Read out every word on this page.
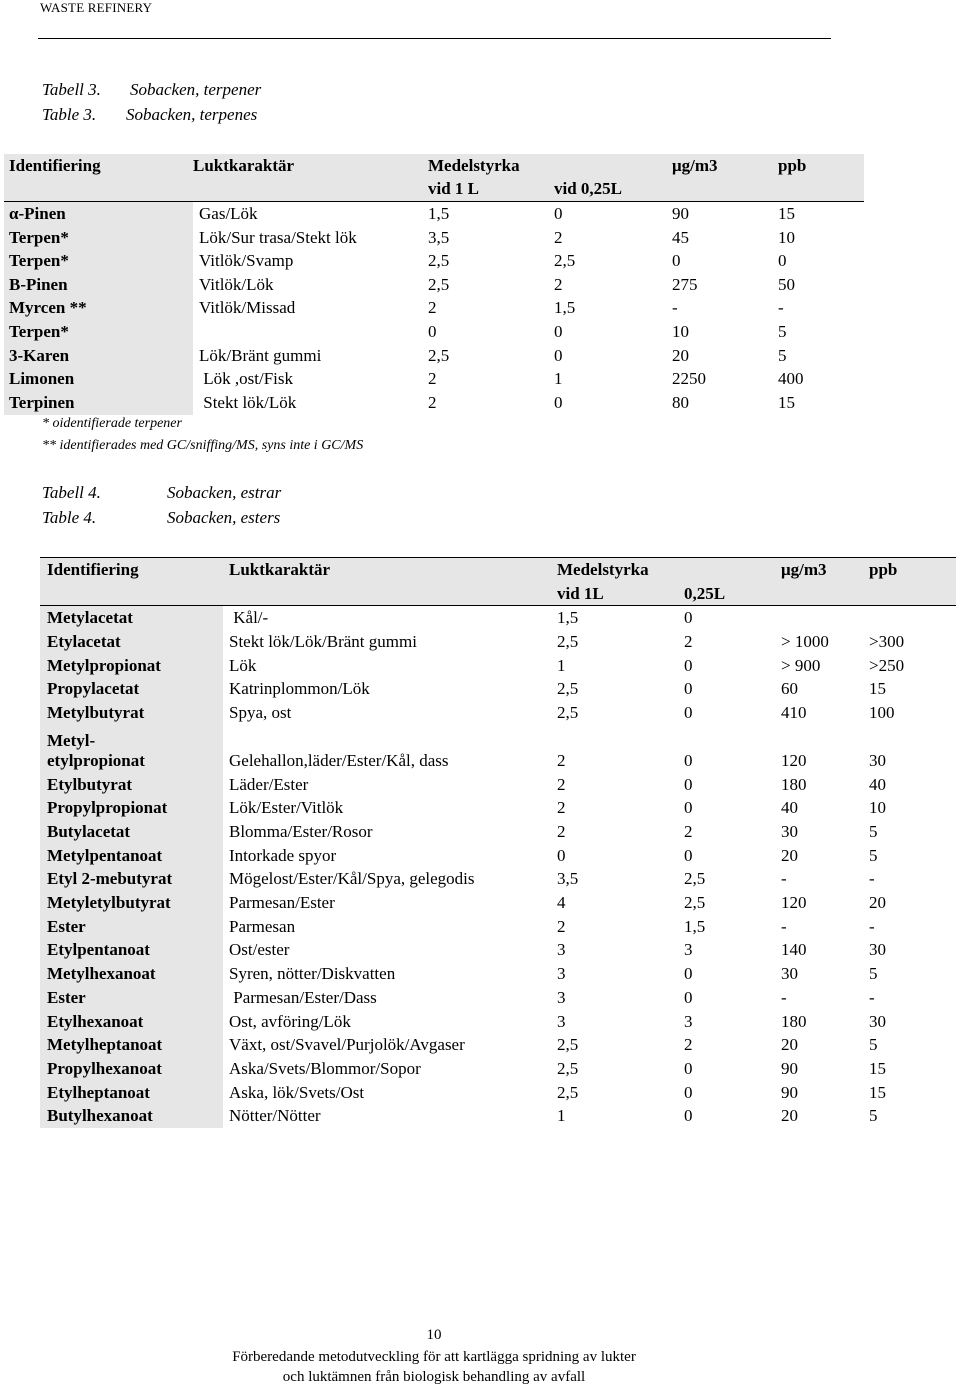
WASTE REFINERY
Tabell 3. Sobacken, terpener
Table 3. Sobacken, terpenes
Identifiering	Luktkaraktär	Medelstyrka		μg/m3	ppb
		vid 1 L	vid 0,25L		
α-Pinen	Gas/Lök	1,5	0	90	15
Terpen*	Lök/Sur trasa/Stekt lök	3,5	2	45	10
Terpen*	Vitlök/Svamp	2,5	2,5	0	0
B-Pinen	Vitlök/Lök	2,5	2	275	50
Myrcen **	Vitlök/Missad	2	1,5	-	-
Terpen*		0	0	10	5
3-Karen	Lök/Bränt gummi	2,5	0	20	5
Limonen	Lök ,ost/Fisk	2	1	2250	400
Terpinen	Stekt lök/Lök	2	0	80	15
* oidentifierade terpener
** identifierades med GC/sniffing/MS, syns inte i GC/MS
Tabell 4.	Sobacken, estrar
Table 4.	Sobacken, esters
Identifiering	Luktkaraktär	Medelstyrka		μg/m3	ppb
		vid 1L	0,25L		
Metylacetat	Kål/-	1,5	0		
Etylacetat	Stekt lök/Lök/Bränt gummi	2,5	2	> 1000	>300
Metylpropionat	Lök	1	0	> 900	>250
Propylacetat	Katrinplommon/Lök	2,5	0	60	15
Metylbutyrat	Spya, ost	2,5	0	410	100
Metyl-
etylpropionat	Gelehallon,läder/Ester/Kål, dass	2	0	120	30
Etylbutyrat	Läder/Ester	2	0	180	40
Propylpropionat	Lök/Ester/Vitlök	2	0	40	10
Butylacetat	Blomma/Ester/Rosor	2	2	30	5
Metylpentanoat	Intorkade spyor	0	0	20	5
Etyl 2-mebutyrat	Mögelost/Ester/Kål/Spya, gelegodis	3,5	2,5	-	-
Metyletylbutyrat	Parmesan/Ester	4	2,5	120	20
Ester	Parmesan	2	1,5	-	-
Etylpentanoat	Ost/ester	3	3	140	30
Metylhexanoat	Syren, nötter/Diskvatten	3	0	30	5
Ester	Parmesan/Ester/Dass	3	0	-	-
Etylhexanoat	Ost, avföring/Lök	3	3	180	30
Metylheptanoat	Växt, ost/Svavel/Purjolök/Avgaser	2,5	2	20	5
Propylhexanoat	Aska/Svets/Blommor/Sopor	2,5	0	90	15
Etylheptanoat	Aska, lök/Svets/Ost	2,5	0	90	15
Butylhexanoat	Nötter/Nötter	1	0	20	5
10
Förberedande metodutveckling för att kartlägga spridning av lukter
och luktämnen från biologisk behandling av avfall
